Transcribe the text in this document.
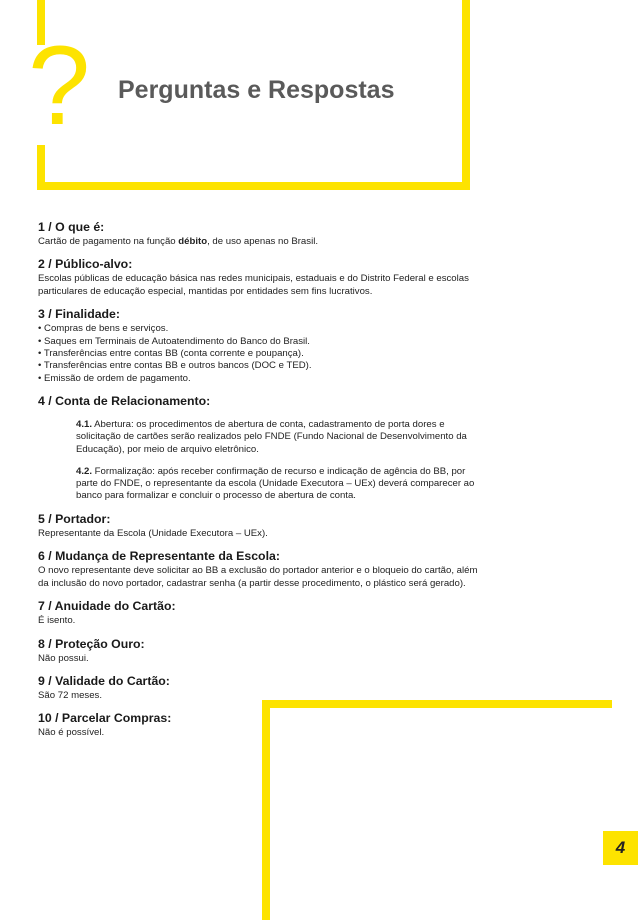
? Perguntas e Respostas
4

1 / O que é:

Cartão de pagamento na função débito, de uso apenas no Brasil.

2 / Público-alvo:

Escolas públicas de educação básica nas redes municipais, estaduais e do Distrito Federal e escolas particulares de educação especial, mantidas por entidades sem fins lucrativos.

3 / Finalidade:

• Compras de bens e serviços.
• Saques em Terminais de Autoatendimento do Banco do Brasil.
• Transferências entre contas BB (conta corrente e poupança).
• Transferências entre contas BB e outros bancos (DOC e TED).
• Emissão de ordem de pagamento.

4 / Conta de Relacionamento:

4.1. Abertura: os procedimentos de abertura de conta, cadastramento de porta dores e solicitação de cartões serão realizados pelo FNDE (Fundo Nacional de Desenvolvimento da Educação), por meio de arquivo eletrônico.

4.2. Formalização: após receber confirmação de recurso e indicação de agência do BB, por parte do FNDE, o representante da escola (Unidade Executora – UEx) deverá comparecer ao banco para formalizar e concluir o processo de abertura de conta.

5 / Portador:

Representante da Escola (Unidade Executora – UEx).

6 / Mudança de Representante da Escola:

O novo representante deve solicitar ao BB a exclusão do portador anterior e o bloqueio do cartão, além da inclusão do novo portador, cadastrar senha (a partir desse procedimento, o plástico será gerado).

7 / Anuidade do Cartão:

É isento.

8 / Proteção Ouro:

Não possui.

9 / Validade do Cartão:

São 72 meses.

10 / Parcelar Compras:

Não é possível.
